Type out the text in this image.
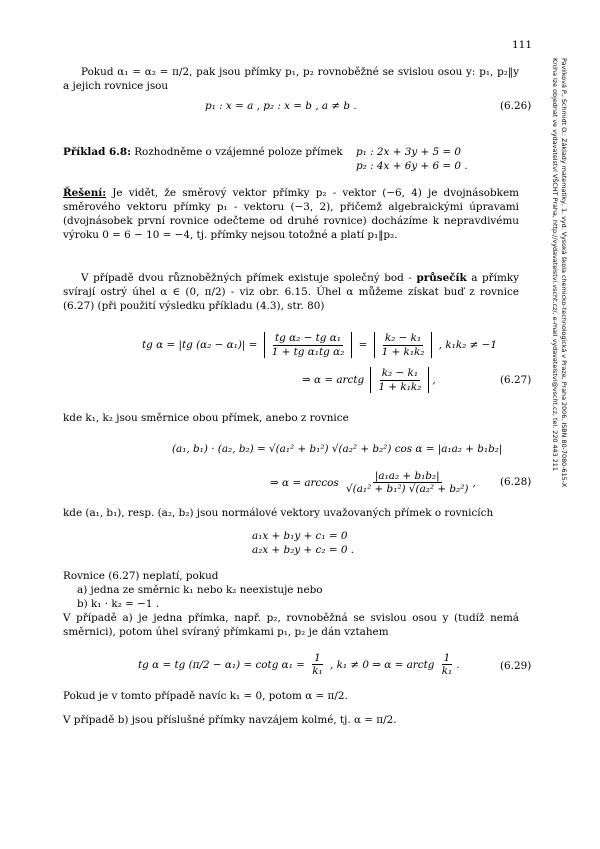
111
Pavlíková P., Schmidt O.: Základy matematiky, 1. vyd. Vysoká škola chemicko-technologická v Praze, Praha 2006. ISBN 80-7080-615-X
Kniha lze objednat ve vydavatelství VŠCHT Praha, http://vydavatelstvi.vscht.cz/, e-mail vydavatelstvi@vscht.cz, tel. 220 443 211
Pokud α₁ = α₂ = π/2, pak jsou přímky p₁, p₂ rovnoběžné se svislou osou y: p₁, p₂‖y a jejich rovnice jsou
p₁ : x = a , p₂ : x = b , a ≠ b .	(6.26)
Příklad 6.8: Rozhodněme o vzájemné poloze přímek p₁ : 2x + 3y + 5 = 0
p₂ : 4x + 6y + 6 = 0 .
Řešení: Je vidět, že směrový vektor přímky p₂ - vektor (−6, 4) je dvojnásobkem směrového vektoru přímky p₁ - vektoru (−3, 2), přičemž algebraickými úpravami (dvojnásobek první rovnice odečteme od druhé rovnice) docházíme k nepravdivému výroku 0 = 6 − 10 = −4, tj. přímky nejsou totožné a platí p₁‖p₂.
V případě dvou různoběžných přímek existuje společný bod - průsečík a přímky svírají ostrý úhel α ∈ (0, π/2) - viz obr. 6.15. Úhel α můžeme získat buď z rovnice (6.27) (při použití výsledku příkladu (4.3), str. 80)
tg α = |tg $(\alpha_2 - \alpha_1)| = \frac{\text{tg α₂ − tg α₁}}{\text{1 + tg α₁tg α₂}} = \frac{\text{k₂ − k₁}}{\text{1 + k₁k₂}}$ , k₁k₂ ≠ −1
⇒ α = arctg $\frac{\text{k₂ − k₁}}{\text{1 + k₁k₂}}$ ,	(6.27)
kde k₁, k₂ jsou směrnice obou přímek, anebo z rovnice
(a₁, b₁) · (a₂, b₂) = √(a₁² + b₁²) √(a₂² + b₂²) cos α = |a₁a₂ + b₁b₂|
⇒ $\alpha = \arccos \frac{\text{|a₁a₂ + b₁b₂|}}{\text{√(a₁² + b₁²) √(a₂² + b₂²)}}$ , (6.28)
kde (a₁, b₁), resp. (a₂, b₂) jsou normálové vektory uvažovaných přímek o rovnicích
a₁x + b₁y + c₁ = 0
a₂x + b₂y + c₂ = 0 .
Rovnice (6.27) neplatí, pokud
a) jedna ze směrnic k₁ nebo k₂ neexistuje nebo
b) k₁ · k₂ = −1 .
V případě a) je jedna přímka, např. p₂, rovnoběžná se svislou osou y (tudíž nemá směrnici), potom úhel svíraný přímkami p₁, p₂ je dán vztahem
tg α = tg (π/2 − α₁) = cotg $\alpha_1 = \frac{1}{\text{k₁}}$ , k₁ ≠ 0 ⇒ α = arctg $\frac{1}{\text{k₁}}$ .	(6.29)
Pokud je v tomto případě navíc k₁ = 0, potom α = π/2.
V případě b) jsou příslušné přímky navzájem kolmé, tj. α = π/2.
